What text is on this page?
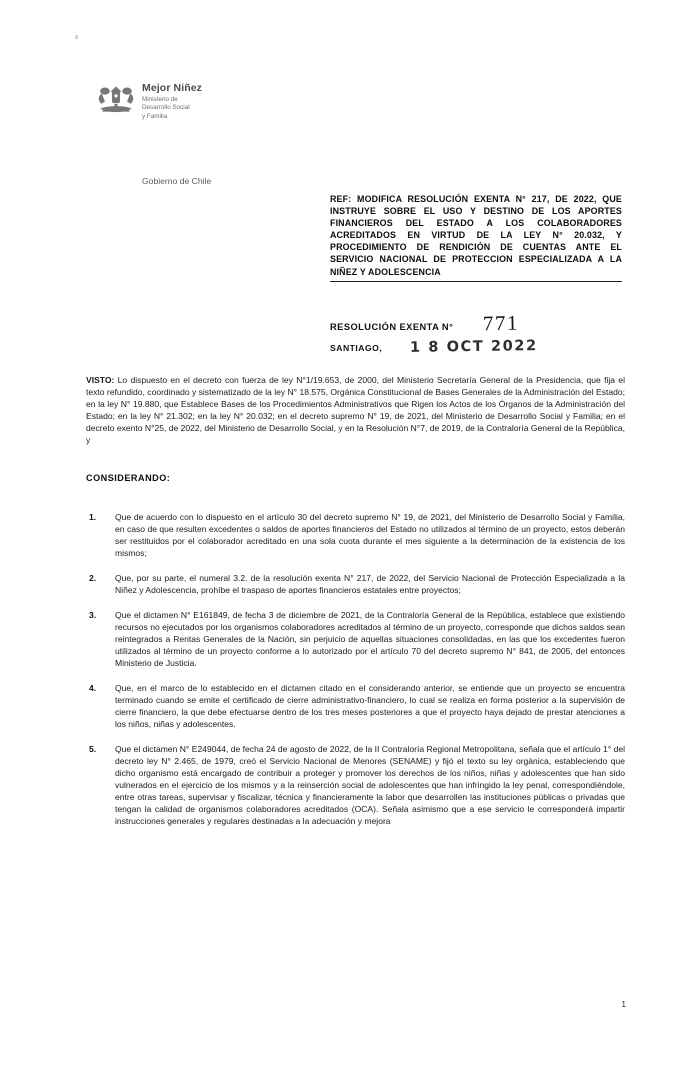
Mejor Niñez
Ministerio de
Desarrollo Social
y Familia
Gobierno de Chile

REF: MODIFICA RESOLUCIÓN EXENTA N° 217, DE 2022, QUE INSTRUYE SOBRE EL USO Y DESTINO DE LOS APORTES FINANCIEROS DEL ESTADO A LOS COLABORADORES ACREDITADOS EN VIRTUD DE LA LEY N° 20.032, Y PROCEDIMIENTO DE RENDICIÓN DE CUENTAS ANTE EL SERVICIO NACIONAL DE PROTECCION ESPECIALIZADA A LA NIÑEZ Y ADOLESCENCIA

RESOLUCIÓN EXENTA N° 771
SANTIAGO, 1 8 OCT 2022

VISTO: Lo dispuesto en el decreto con fuerza de ley N°1/19.653, de 2000, del Ministerio Secretaría General de la Presidencia, que fija el texto refundido, coordinado y sistematizado de la ley N° 18.575, Orgánica Constitucional de Bases Generales de la Administración del Estado; en la ley N° 19.880, que Establece Bases de los Procedimientos Administrativos que Rigen los Actos de los Órganos de la Administración del Estado; en la ley N° 21.302; en la ley N° 20.032; en el decreto supremo N° 19, de 2021, del Ministerio de Desarrollo Social y Familia; en el decreto exento N°25, de 2022, del Ministerio de Desarrollo Social, y en la Resolución N°7, de 2019, de la Contraloría General de la República, y

CONSIDERANDO:

1.	Que de acuerdo con lo dispuesto en el artículo 30 del decreto supremo N° 19, de 2021, del Ministerio de Desarrollo Social y Familia, en caso de que resulten excedentes o saldos de aportes financieros del Estado no utilizados al término de un proyecto, estos deberán ser restituidos por el colaborador acreditado en una sola cuota durante el mes siguiente a la determinación de la existencia de los mismos;
2.	Que, por su parte, el numeral 3.2. de la resolución exenta N° 217, de 2022, del Servicio Nacional de Protección Especializada a la Niñez y Adolescencia, prohíbe el traspaso de aportes financieros estatales entre proyectos;
3.	Que el dictamen N° E161849, de fecha 3 de diciembre de 2021, de la Contraloría General de la República, establece que existiendo recursos no ejecutados por los organismos colaboradores acreditados al término de un proyecto, corresponde que dichos saldos sean reintegrados a Rentas Generales de la Nación, sin perjuicio de aquellas situaciones consolidadas, en las que los excedentes fueron utilizados al término de un proyecto conforme a lo autorizado por el artículo 70 del decreto supremo N° 841, de 2005, del entonces Ministerio de Justicia.
4.	Que, en el marco de lo establecido en el dictamen citado en el considerando anterior, se entiende que un proyecto se encuentra terminado cuando se emite el certificado de cierre administrativo-financiero, lo cual se realiza en forma posterior a la supervisión de cierre financiero, la que debe efectuarse dentro de los tres meses posteriores a que el proyecto haya dejado de prestar atenciones a los niños, niñas y adolescentes.
5.	Que el dictamen N° E249044, de fecha 24 de agosto de 2022, de la II Contraloría Regional Metropolitana, señala que el artículo 1° del decreto ley N° 2.465, de 1979, creó el Servicio Nacional de Menores (SENAME) y fijó el texto su ley orgánica, estableciendo que dicho organismo está encargado de contribuir a proteger y promover los derechos de los niños, niñas y adolescentes que han sido vulnerados en el ejercicio de los mismos y a la reinserción social de adolescentes que han infringido la ley penal, correspondiéndole, entre otras tareas, supervisar y fiscalizar, técnica y financieramente la labor que desarrollen las instituciones públicas o privadas que tengan la calidad de organismos colaboradores acreditados (OCA). Señala asimismo que a ese servicio le corresponderá impartir instrucciones generales y regulares destinadas a la adecuación y mejora
1
